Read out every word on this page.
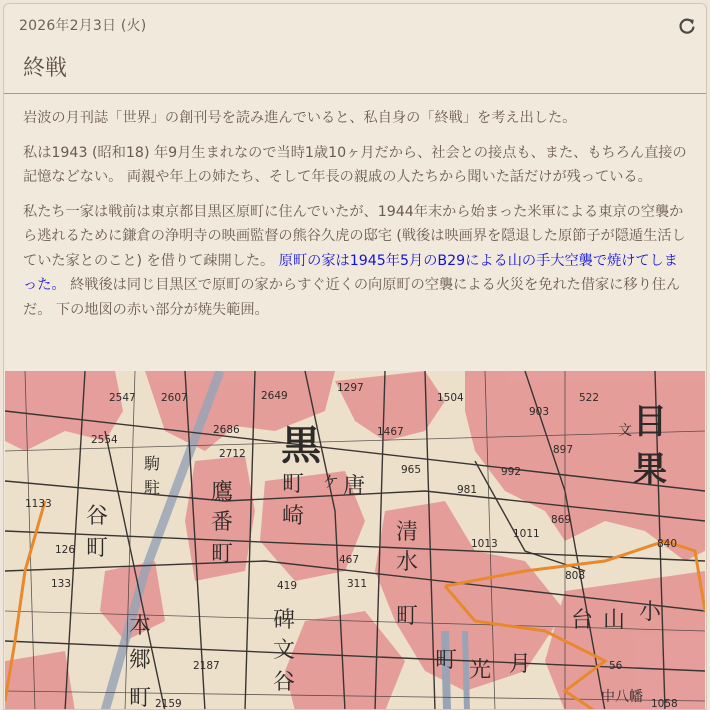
2026年2月3日 (火)
終戦

岩波の月刊誌「世界」の創刊号を読み進んでいると、私自身の「終戦」を考え出した。

私は1943 (昭和18) 年9月生まれなので当時1歳10ヶ月だから、社会との接点も、また、もちろん直接の記憶などない。 両親や年上の姉たち、そして年長の親戚の人たちから聞いた話だけが残っている。

私たち一家は戦前は東京都目黒区原町に住んでいたが、1944年末から始まった米軍による東京の空襲から逃れるために鎌倉の浄明寺の映画監督の熊谷久虎の邸宅 (戦後は映画界を隠退した原節子が隠遁生活していた家とのこと) を借りて疎開した。 原町の家は1945年5月のB29による山の手大空襲で焼けてしまった。 終戦後は同じ目黒区で原町の家からすぐ近くの向原町の空襲による火災を免れた借家に移り住んだ。 下の地図の赤い部分が焼失範囲。

黒
目
果
唐
ケ
町
崎
清
水
町
碑
文
谷
本
郷
町
鷹
番
町
谷
町
駒
駐
月
光
町
台 山 小
中八幡
文
1297
1504
903
522
2547 2607	2649
2686
2554
2712
1467
965	992
897
981
1133
1013
1011
869
840
126
133
467
311
419
2187
2159
808
56
1058
